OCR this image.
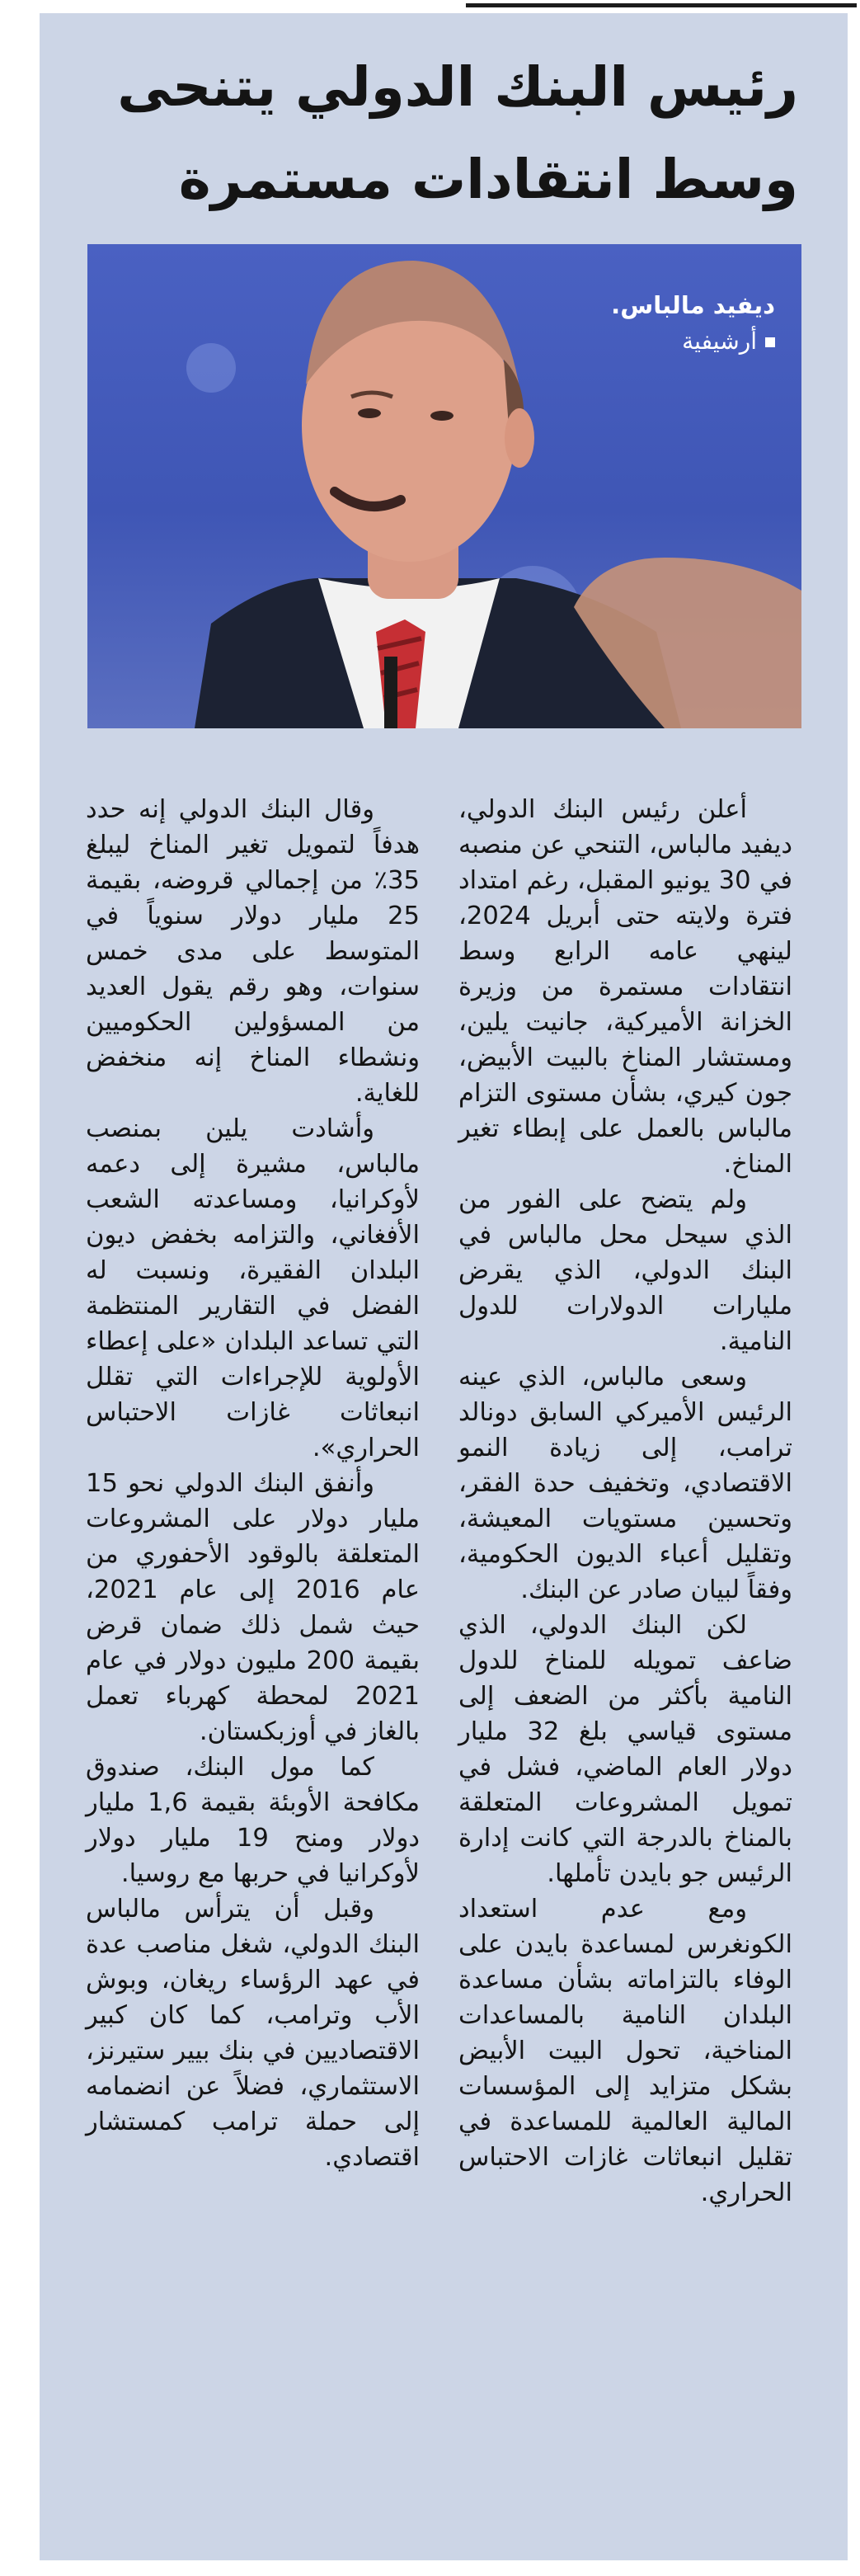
رئيس البنك الدولي يتنحى وسط انتقادات مستمرة
ديفيد مالباس.
أرشيفية

أعلن رئيس البنك الدولي، ديفيد مالباس، التنحي عن منصبه في 30 يونيو المقبل، رغم امتداد فترة ولايته حتى أبريل 2024، لينهي عامه الرابع وسط انتقادات مستمرة من وزيرة الخزانة الأميركية، جانيت يلين، ومستشار المناخ بالبيت الأبيض، جون كيري، بشأن مستوى التزام مالباس بالعمل على إبطاء تغير المناخ.

ولم يتضح على الفور من الذي سيحل محل مالباس في البنك الدولي، الذي يقرض مليارات الدولارات للدول النامية.

وسعى مالباس، الذي عينه الرئيس الأميركي السابق دونالد ترامب، إلى زيادة النمو الاقتصادي، وتخفيف حدة الفقر، وتحسين مستويات المعيشة، وتقليل أعباء الديون الحكومية، وفقاً لبيان صادر عن البنك.

لكن البنك الدولي، الذي ضاعف تمويله للمناخ للدول النامية بأكثر من الضعف إلى مستوى قياسي بلغ 32 مليار دولار العام الماضي، فشل في تمويل المشروعات المتعلقة بالمناخ بالدرجة التي كانت إدارة الرئيس جو بايدن تأملها.

ومع عدم استعداد الكونغرس لمساعدة بايدن على الوفاء بالتزاماته بشأن مساعدة البلدان النامية بالمساعدات المناخية، تحول البيت الأبيض بشكل متزايد إلى المؤسسات المالية العالمية للمساعدة في تقليل انبعاثات غازات الاحتباس الحراري.

وقال البنك الدولي إنه حدد هدفاً لتمويل تغير المناخ ليبلغ 35٪ من إجمالي قروضه، بقيمة 25 مليار دولار سنوياً في المتوسط على مدى خمس سنوات، وهو رقم يقول العديد من المسؤولين الحكوميين ونشطاء المناخ إنه منخفض للغاية.

وأشادت يلين بمنصب مالباس، مشيرة إلى دعمه لأوكرانيا، ومساعدته الشعب الأفغاني، والتزامه بخفض ديون البلدان الفقيرة، ونسبت له الفضل في التقارير المنتظمة التي تساعد البلدان «على إعطاء الأولوية للإجراءات التي تقلل انبعاثات غازات الاحتباس الحراري».

وأنفق البنك الدولي نحو 15 مليار دولار على المشروعات المتعلقة بالوقود الأحفوري من عام 2016 إلى عام 2021، حيث شمل ذلك ضمان قرض بقيمة 200 مليون دولار في عام 2021 لمحطة كهرباء تعمل بالغاز في أوزبكستان.

كما مول البنك، صندوق مكافحة الأوبئة بقيمة 1,6 مليار دولار ومنح 19 مليار دولار لأوكرانيا في حربها مع روسيا.

وقبل أن يترأس مالباس البنك الدولي، شغل مناصب عدة في عهد الرؤساء ريغان، وبوش الأب وترامب، كما كان كبير الاقتصاديين في بنك بيير ستيرنز، الاستثماري، فضلاً عن انضمامه إلى حملة ترامب كمستشار اقتصادي.
